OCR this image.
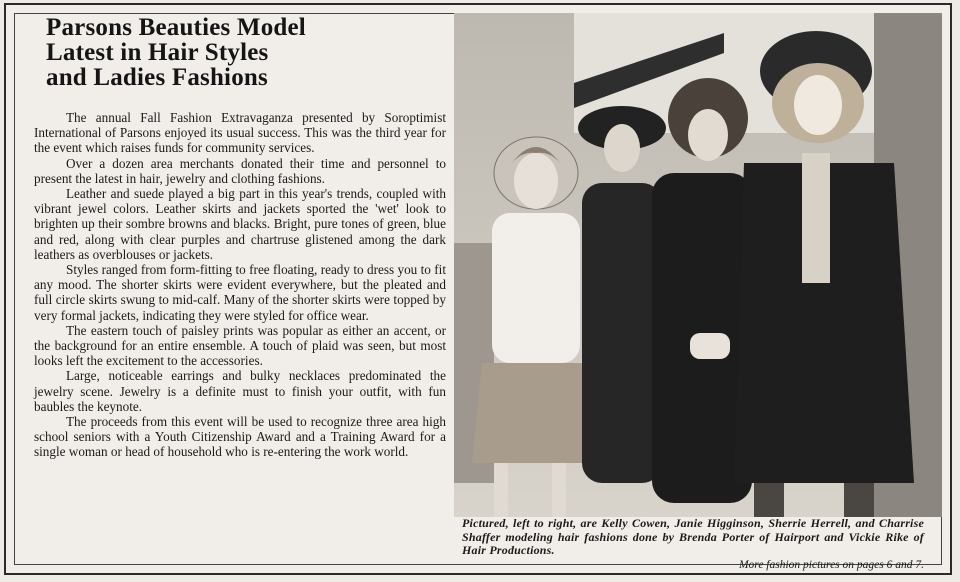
Parsons Beauties Model
Latest in Hair Styles
and Ladies Fashions

The annual Fall Fashion Extravaganza presented by Soroptimist International of Parsons enjoyed its usual success. This was the third year for the event which raises funds for community services.

Over a dozen area merchants donated their time and personnel to present the latest in hair, jewelry and clothing fashions.

Leather and suede played a big part in this year's trends, coupled with vibrant jewel colors. Leather skirts and jackets sported the 'wet' look to brighten up their sombre browns and blacks. Bright, pure tones of green, blue and red, along with clear purples and chartruse glistened among the dark leathers as overblouses or jackets.

Styles ranged from form-fitting to free floating, ready to dress you to fit any mood. The shorter skirts were evident everywhere, but the pleated and full circle skirts swung to mid-calf. Many of the shorter skirts were topped by very formal jackets, indicating they were styled for office wear.

The eastern touch of paisley prints was popular as either an accent, or the background for an entire ensemble. A touch of plaid was seen, but most looks left the excitement to the accessories.

Large, noticeable earrings and bulky necklaces predominated the jewelry scene. Jewelry is a definite must to finish your outfit, with fun baubles the keynote.

The proceeds from this event will be used to recognize three area high school seniors with a Youth Citizenship Award and a Training Award for a single woman or head of household who is re-entering the work world.

Pictured, left to right, are Kelly Cowen, Janie Higginson, Sherrie Herrell, and Charrise Shaffer modeling hair fashions done by Brenda Porter of Hairport and Vickie Rike of Hair Productions.
More fashion pictures on pages 6 and 7.
